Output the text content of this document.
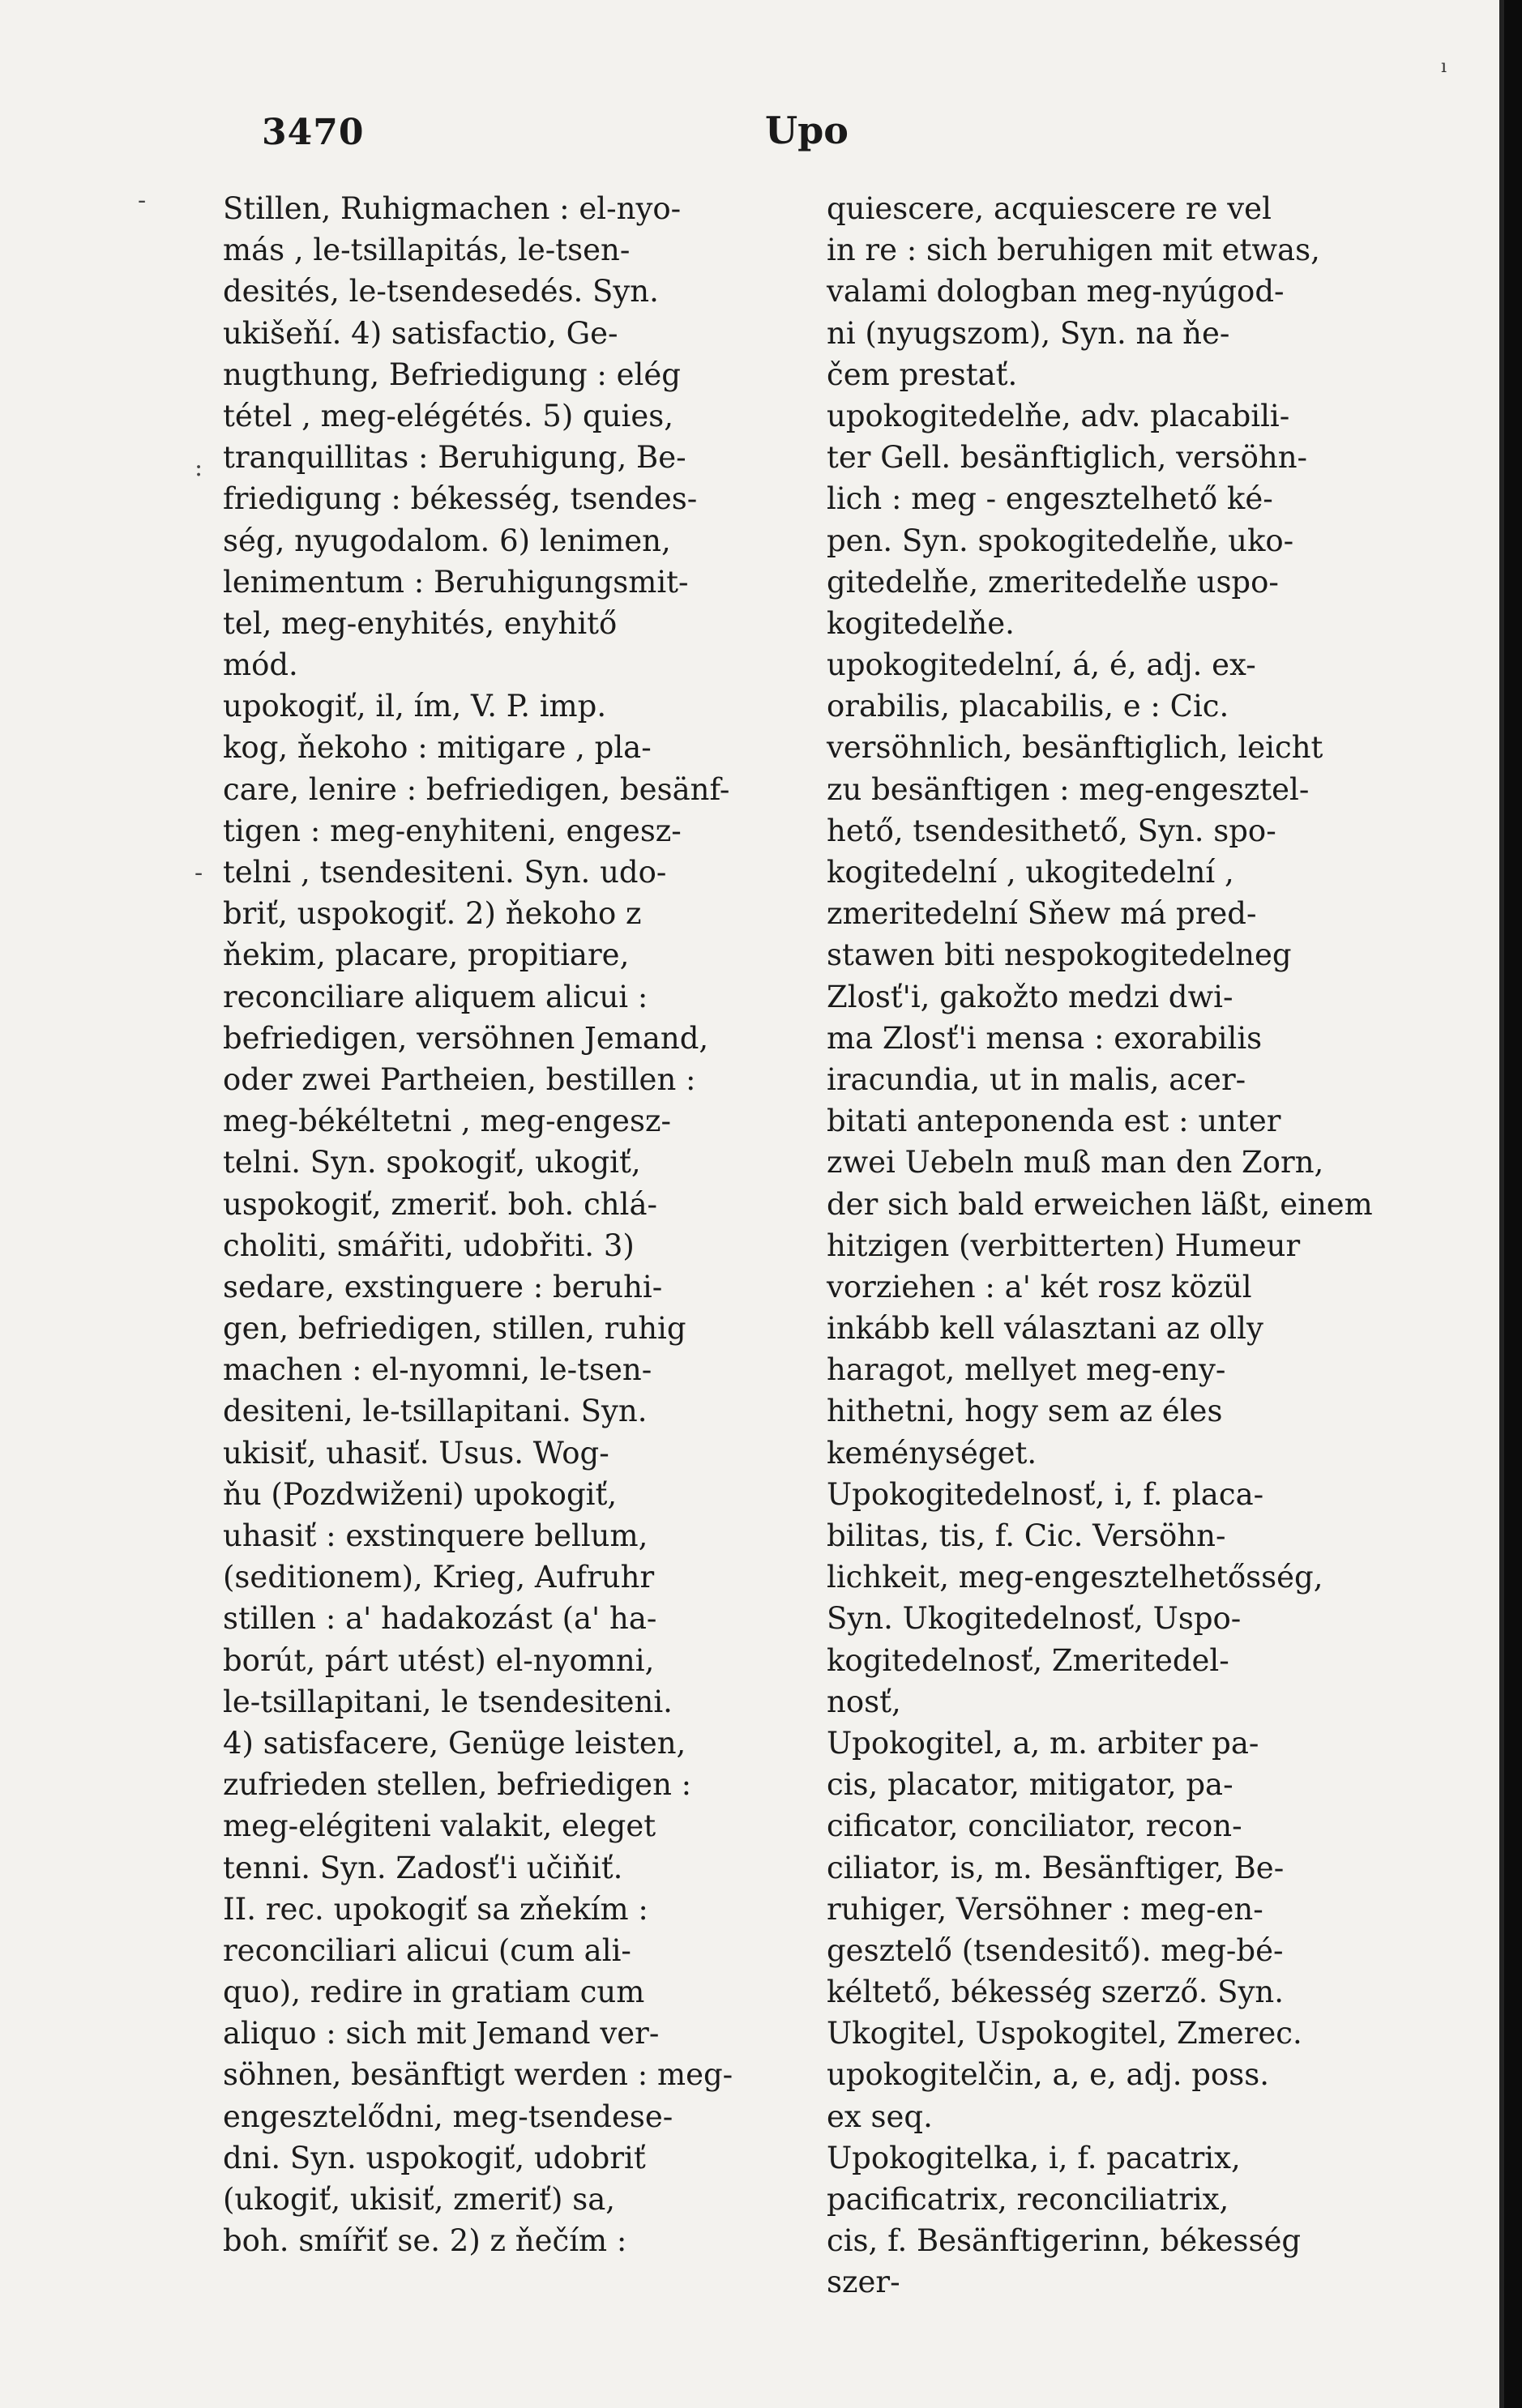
ı
-
:
-
3470	Upo
Stillen, Ruhigmachen : el-nyo-
más , le-tsillapitás, le-tsen-
desités, le-tsendesedés. Syn.
ukišeňí. 4) satisfactio, Ge-
nugthung, Befriedigung : elég
tétel , meg-elégétés. 5) quies,
tranquillitas : Beruhigung, Be-
friedigung : békesség, tsendes-
ség, nyugodalom. 6) lenimen,
lenimentum : Beruhigungsmit-
tel, meg-enyhités, enyhitő
mód.
upokogiť, il, ím, V. P. imp.
kog, ňekoho : mitigare , pla-
care, lenire : befriedigen, besänf-
tigen : meg-enyhiteni, engesz-
telni , tsendesiteni. Syn. udo-
briť, uspokogiť. 2) ňekoho z
ňekim, placare, propitiare,
reconciliare aliquem alicui :
befriedigen, versöhnen Jemand,
oder zwei Partheien, bestillen :
meg-békéltetni , meg-engesz-
telni. Syn. spokogiť, ukogiť,
uspokogiť, zmeriť. boh. chlá-
choliti, smářiti, udobřiti. 3)
sedare, exstinguere : beruhi-
gen, befriedigen, stillen, ruhig
machen : el-nyomni, le-tsen-
desiteni, le-tsillapitani. Syn.
ukisiť, uhasiť. Usus. Wog-
ňu (Pozdwiženi) upokogiť,
uhasiť : exstinquere bellum,
(seditionem), Krieg, Aufruhr
stillen : a' hadakozást (a' ha-
borút, párt utést) el-nyomni,
le-tsillapitani, le tsendesiteni.
4) satisfacere, Genüge leisten,
zufrieden stellen, befriedigen :
meg-elégiteni valakit, eleget
tenni. Syn. Zadosť'i učiňiť.
II. rec. upokogiť sa zňekím :
reconciliari alicui (cum ali-
quo), redire in gratiam cum
aliquo : sich mit Jemand ver-
söhnen, besänftigt werden : meg-
engesztelődni, meg-tsendese-
dni. Syn. uspokogiť, udobriť
(ukogiť, ukisiť, zmeriť) sa,
boh. smířiť se. 2) z ňečím :
quiescere, acquiescere re vel
in re : sich beruhigen mit etwas,
valami dologban meg-nyúgod-
ni (nyugszom), Syn. na ňe-
čem prestať.
upokogitedelňe, adv. placabili-
ter Gell. besänftiglich, versöhn-
lich : meg - engesztelhető ké-
pen. Syn. spokogitedelňe, uko-
gitedelňe, zmeritedelňe uspo-
kogitedelňe.
upokogitedelní, á, é, adj. ex-
orabilis, placabilis, e : Cic.
versöhnlich, besänftiglich, leicht
zu besänftigen : meg-engesztel-
hető, tsendesithető, Syn. spo-
kogitedelní , ukogitedelní ,
zmeritedelní Sňew má pred-
stawen biti nespokogitedelneg
Zlosť'i, gakožto medzi dwi-
ma Zlosť'i mensa : exorabilis
iracundia, ut in malis, acer-
bitati anteponenda est : unter
zwei Uebeln muß man den Zorn,
der sich bald erweichen läßt, einem
hitzigen (verbitterten) Humeur
vorziehen : a' két rosz közül
inkább kell választani az olly
haragot, mellyet meg-eny-
hithetni, hogy sem az éles
keménységet.
Upokogitedelnosť, i, f. placa-
bilitas, tis, f. Cic. Versöhn-
lichkeit, meg-engesztelhetősség,
Syn. Ukogitedelnosť, Uspo-
kogitedelnosť, Zmeritedel-
nosť,
Upokogitel, a, m. arbiter pa-
cis, placator, mitigator, pa-
cificator, conciliator, recon-
ciliator, is, m. Besänftiger, Be-
ruhiger, Versöhner : meg-en-
gesztelő (tsendesitő). meg-bé-
kéltető, békesség szerző. Syn.
Ukogitel, Uspokogitel, Zmerec.
upokogitelčin, a, e, adj. poss.
ex seq.
Upokogitelka, i, f. pacatrix,
pacificatrix, reconciliatrix,
cis, f. Besänftigerinn, békesség
szer-
